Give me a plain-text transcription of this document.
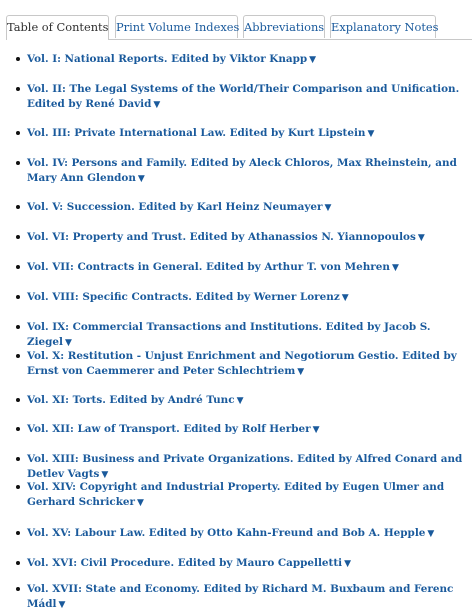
Table of Contents Print Volume Indexes Abbreviations Explanatory Notes
Vol. I: National Reports. Edited by Viktor Knapp ▼
Vol. II: The Legal Systems of the World/Their Comparison and Unification. Edited by René David ▼
Vol. III: Private International Law. Edited by Kurt Lipstein ▼
Vol. IV: Persons and Family. Edited by Aleck Chloros, Max Rheinstein, and Mary Ann Glendon ▼
Vol. V: Succession. Edited by Karl Heinz Neumayer ▼
Vol. VI: Property and Trust. Edited by Athanassios N. Yiannopoulos ▼
Vol. VII: Contracts in General. Edited by Arthur T. von Mehren ▼
Vol. VIII: Specific Contracts. Edited by Werner Lorenz ▼
Vol. IX: Commercial Transactions and Institutions. Edited by Jacob S. Ziegel ▼
Vol. X: Restitution - Unjust Enrichment and Negotiorum Gestio. Edited by Ernst von Caemmerer and Peter Schlechtriem ▼
Vol. XI: Torts. Edited by André Tunc ▼
Vol. XII: Law of Transport. Edited by Rolf Herber ▼
Vol. XIII: Business and Private Organizations. Edited by Alfred Conard and Detlev Vagts ▼
Vol. XIV: Copyright and Industrial Property. Edited by Eugen Ulmer and Gerhard Schricker ▼
Vol. XV: Labour Law. Edited by Otto Kahn-Freund and Bob A. Hepple ▼
Vol. XVI: Civil Procedure. Edited by Mauro Cappelletti ▼
Vol. XVII: State and Economy. Edited by Richard M. Buxbaum and Ferenc Mádl ▼
